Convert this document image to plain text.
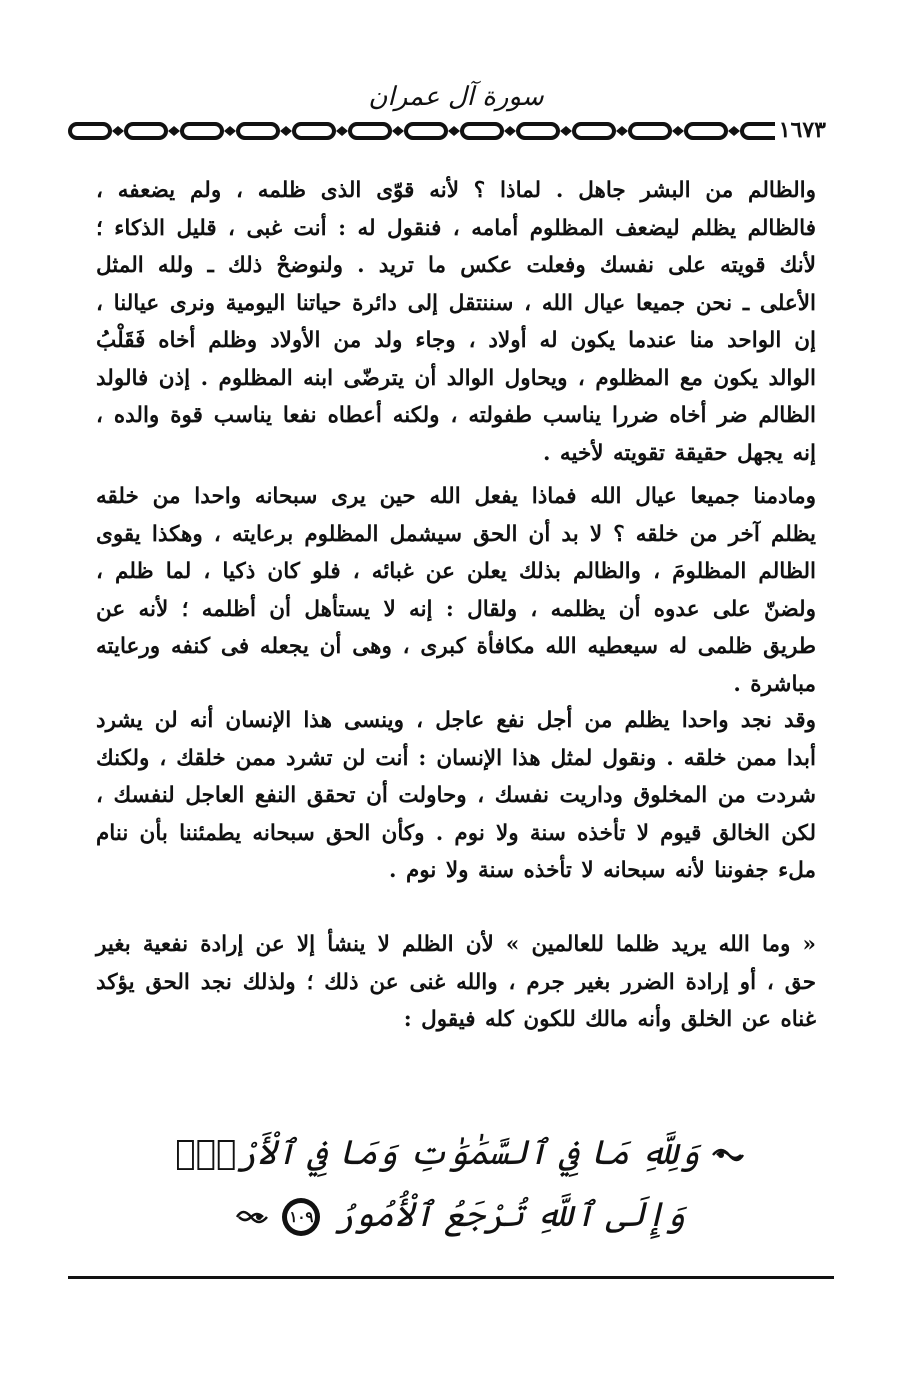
سورة آل عمران
١٦٧٣
والظالم من البشر جاهل . لماذا ؟ لأنه قوّى الذى ظلمه ، ولم يضعفه ، فالظالم يظلم ليضعف المظلوم أمامه ، فنقول له : أنت غبى ، قليل الذكاء ؛ لأنك قويته على نفسك وفعلت عكس ما تريد . ولنوضحْ ذلك ـ ولله المثل الأعلى ـ نحن جميعا عيال الله ، سننتقل إلى دائرة حياتنا اليومية ونرى عيالنا ، إن الواحد منا عندما يكون له أولاد ، وجاء ولد من الأولاد وظلم أخاه فَقَلْبُ الوالد يكون مع المظلوم ، ويحاول الوالد أن يترضّى ابنه المظلوم . إذن فالولد الظالم ضر أخاه ضررا يناسب طفولته ، ولكنه أعطاه نفعا يناسب قوة والده ، إنه يجهل حقيقة تقويته لأخيه .
ومادمنا جميعا عيال الله فماذا يفعل الله حين يرى سبحانه واحدا من خلقه يظلم آخر من خلقه ؟ لا بد أن الحق سيشمل المظلوم برعايته ، وهكذا يقوى الظالم المظلومَ ، والظالم بذلك يعلن عن غبائه ، فلو كان ذكيا ، لما ظلم ، ولضنّ على عدوه أن يظلمه ، ولقال : إنه لا يستأهل أن أظلمه ؛ لأنه عن طريق ظلمى له سيعطيه الله مكافأة كبرى ، وهى أن يجعله فى كنفه ورعايته مباشرة .
وقد نجد واحدا يظلم من أجل نفع عاجل ، وينسى هذا الإنسان أنه لن يشرد أبدا ممن خلقه . ونقول لمثل هذا الإنسان : أنت لن تشرد ممن خلقك ، ولكنك شردت من المخلوق وداريت نفسك ، وحاولت أن تحقق النفع العاجل لنفسك ، لكن الخالق قيوم لا تأخذه سنة ولا نوم . وكأن الحق سبحانه يطمئننا بأن ننام ملء جفوننا لأنه سبحانه لا تأخذه سنة ولا نوم .
« وما الله يريد ظلما للعالمين » لأن الظلم لا ينشأ إلا عن إرادة نفعية بغير حق ، أو إرادة الضرر بغير جرم ، والله غنى عن ذلك ؛ ولذلك نجد الحق يؤكد غناه عن الخلق وأنه مالك للكون كله فيقول :
وَلِلَّهِ مَا فِي ٱلسَّمَٰوَٰتِ وَمَا فِي ٱلْأَرْضِۚ وَإِلَى ٱللَّهِ تُرْجَعُ ٱلْأُمُورُ
١٠٩
